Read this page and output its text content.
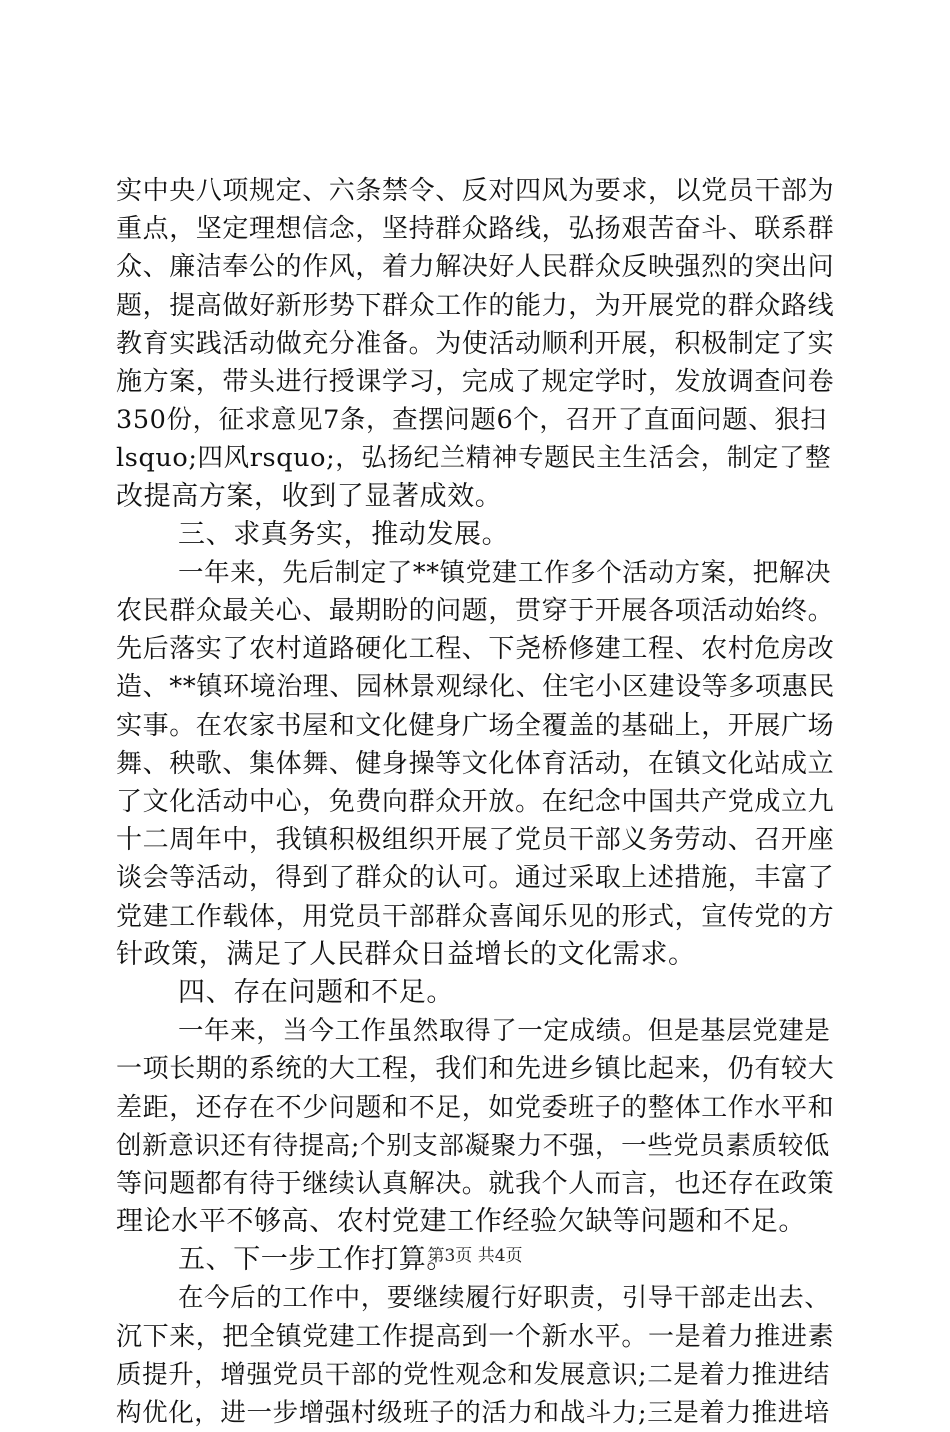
实中央八项规定、六条禁令、反对四风为要求，以党员干部为
重点，坚定理想信念，坚持群众路线，弘扬艰苦奋斗、联系群
众、廉洁奉公的作风，着力解决好人民群众反映强烈的突出问
题，提高做好新形势下群众工作的能力，为开展党的群众路线
教育实践活动做充分准备。为使活动顺利开展，积极制定了实
施方案，带头进行授课学习，完成了规定学时，发放调查问卷
350份，征求意见7条，查摆问题6个，召开了直面问题、狠扫
lsquo;四风rsquo;，弘扬纪兰精神专题民主生活会，制定了整
改提高方案，收到了显著成效。
三、求真务实，推动发展。
一年来，先后制定了**镇党建工作多个活动方案，把解决
农民群众最关心、最期盼的问题，贯穿于开展各项活动始终。
先后落实了农村道路硬化工程、下尧桥修建工程、农村危房改
造、**镇环境治理、园林景观绿化、住宅小区建设等多项惠民
实事。在农家书屋和文化健身广场全覆盖的基础上，开展广场
舞、秧歌、集体舞、健身操等文化体育活动，在镇文化站成立
了文化活动中心，免费向群众开放。在纪念中国共产党成立九
十二周年中，我镇积极组织开展了党员干部义务劳动、召开座
谈会等活动，得到了群众的认可。通过采取上述措施，丰富了
党建工作载体，用党员干部群众喜闻乐见的形式，宣传党的方
针政策，满足了人民群众日益增长的文化需求。
四、存在问题和不足。
一年来，当今工作虽然取得了一定成绩。但是基层党建是
一项长期的系统的大工程，我们和先进乡镇比起来，仍有较大
差距，还存在不少问题和不足，如党委班子的整体工作水平和
创新意识还有待提高;个别支部凝聚力不强，一些党员素质较低
等问题都有待于继续认真解决。就我个人而言，也还存在政策
理论水平不够高、农村党建工作经验欠缺等问题和不足。
五、下一步工作打算。
在今后的工作中，要继续履行好职责，引导干部走出去、
沉下来，把全镇党建工作提高到一个新水平。一是着力推进素
质提升，增强党员干部的党性观念和发展意识;二是着力推进结
构优化，进一步增强村级班子的活力和战斗力;三是着力推进培
第3页 共4页
